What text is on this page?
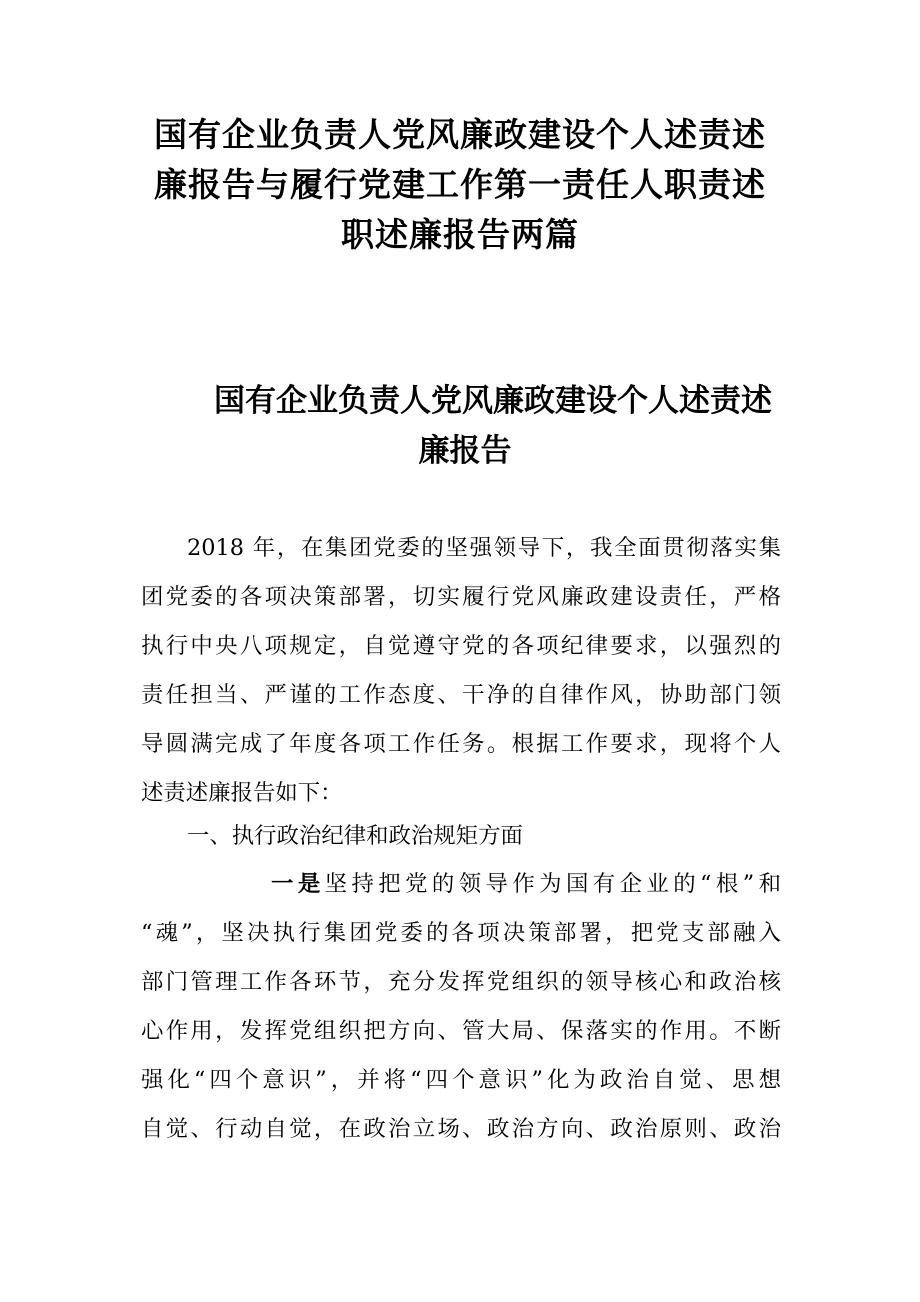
国有企业负责人党风廉政建设个人述责述
廉报告与履行党建工作第一责任人职责述
职述廉报告两篇
国有企业负责人党风廉政建设个人述责述
廉报告
2018 年，在集团党委的坚强领导下，我全面贯彻落实集
团党委的各项决策部署，切实履行党风廉政建设责任，严格
执行中央八项规定，自觉遵守党的各项纪律要求，以强烈的
责任担当、严谨的工作态度、干净的自律作风，协助部门领
导圆满完成了年度各项工作任务。根据工作要求，现将个人
述责述廉报告如下：
一、执行政治纪律和政治规矩方面
一是坚持把党的领导作为国有企业的“根”和
“魂”，坚决执行集团党委的各项决策部署，把党支部融入
部门管理工作各环节，充分发挥党组织的领导核心和政治核
心作用，发挥党组织把方向、管大局、保落实的作用。不断
强化“四个意识”，并将“四个意识”化为政治自觉、思想
自觉、行动自觉，在政治立场、政治方向、政治原则、政治
